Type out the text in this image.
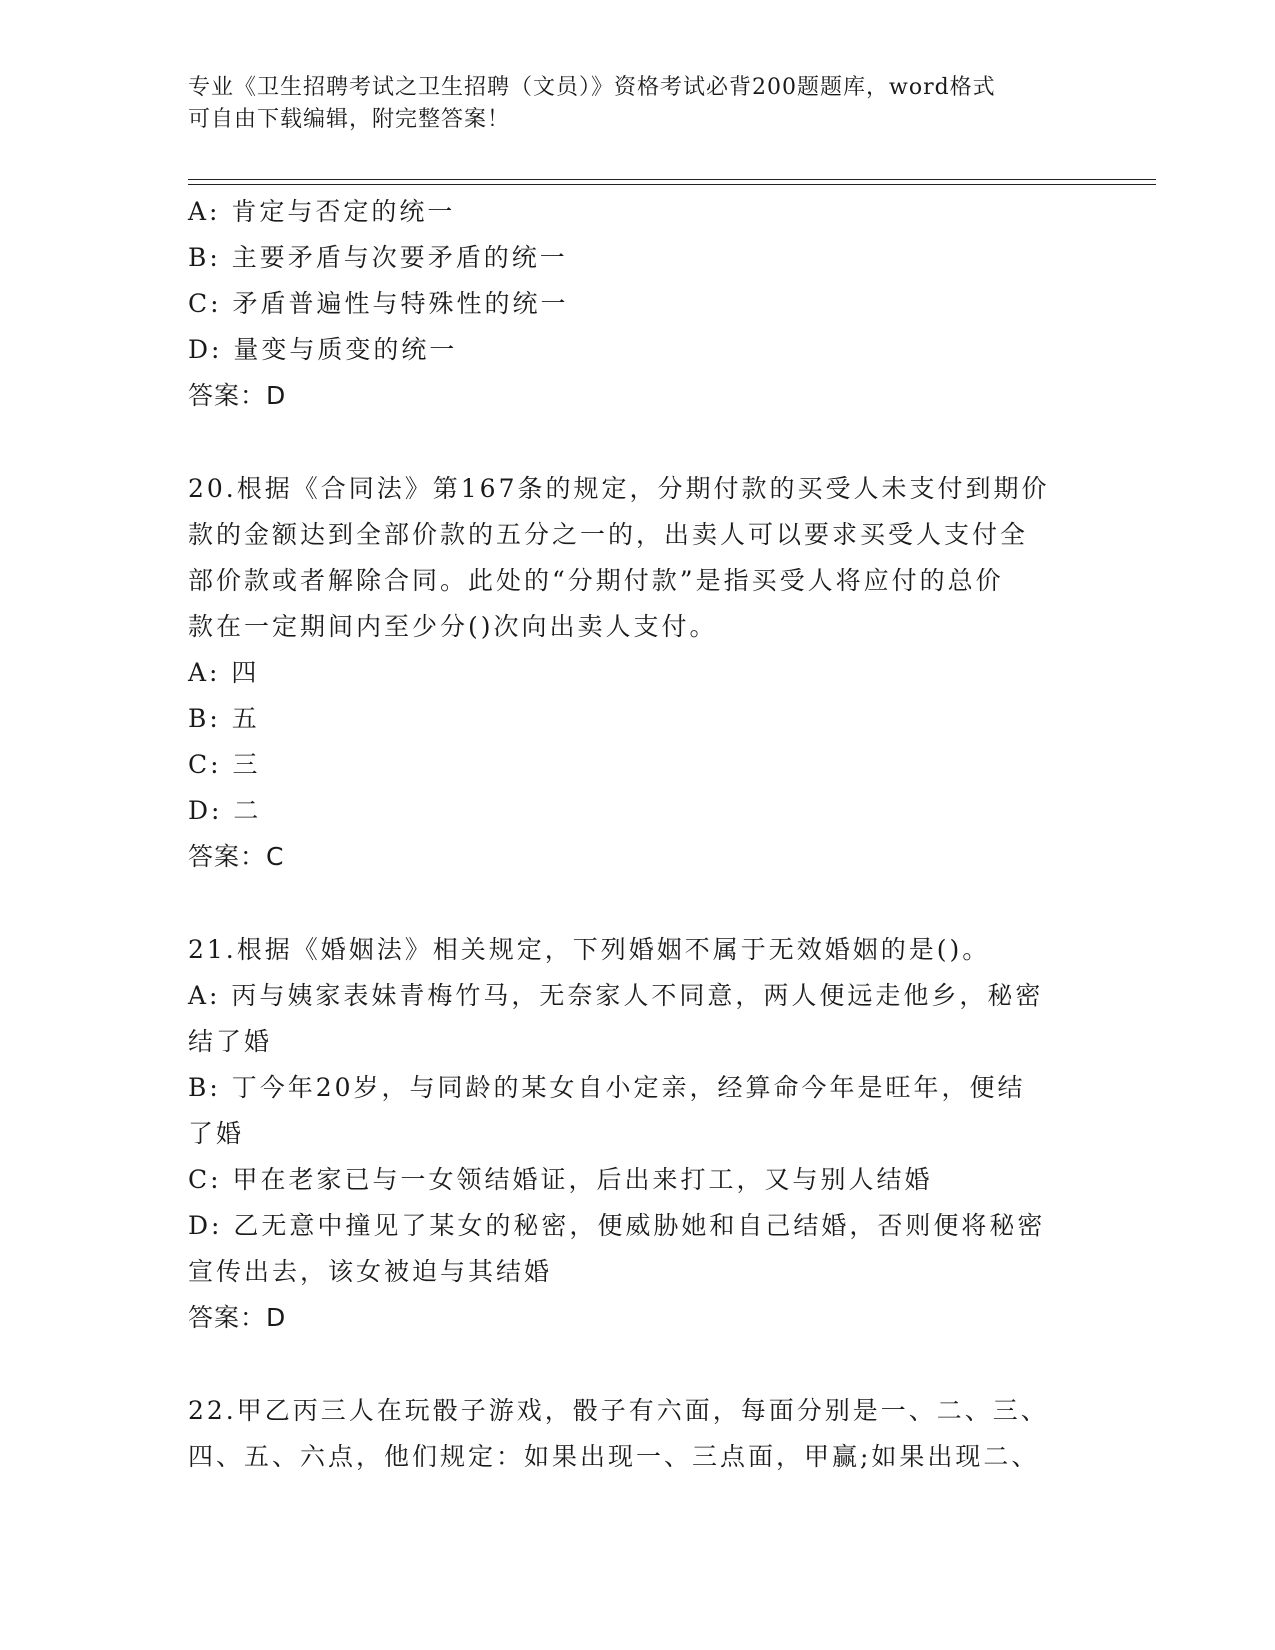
专业《卫生招聘考试之卫生招聘（文员）》资格考试必背200题题库，word格式
可自由下载编辑，附完整答案！
A: 肯定与否定的统一
B: 主要矛盾与次要矛盾的统一
C: 矛盾普遍性与特殊性的统一
D: 量变与质变的统一
答案：D
20.根据《合同法》第167条的规定，分期付款的买受人未支付到期价
款的金额达到全部价款的五分之一的，出卖人可以要求买受人支付全
部价款或者解除合同。此处的“分期付款”是指买受人将应付的总价
款在一定期间内至少分()次向出卖人支付。
A: 四
B: 五
C: 三
D: 二
答案：C
21.根据《婚姻法》相关规定，下列婚姻不属于无效婚姻的是()。
A: 丙与姨家表妹青梅竹马，无奈家人不同意，两人便远走他乡，秘密
结了婚
B: 丁今年20岁，与同龄的某女自小定亲，经算命今年是旺年，便结
了婚
C: 甲在老家已与一女领结婚证，后出来打工，又与别人结婚
D: 乙无意中撞见了某女的秘密，便威胁她和自己结婚，否则便将秘密
宣传出去，该女被迫与其结婚
答案：D
22.甲乙丙三人在玩骰子游戏，骰子有六面，每面分别是一、二、三、
四、五、六点，他们规定：如果出现一、三点面，甲赢;如果出现二、
